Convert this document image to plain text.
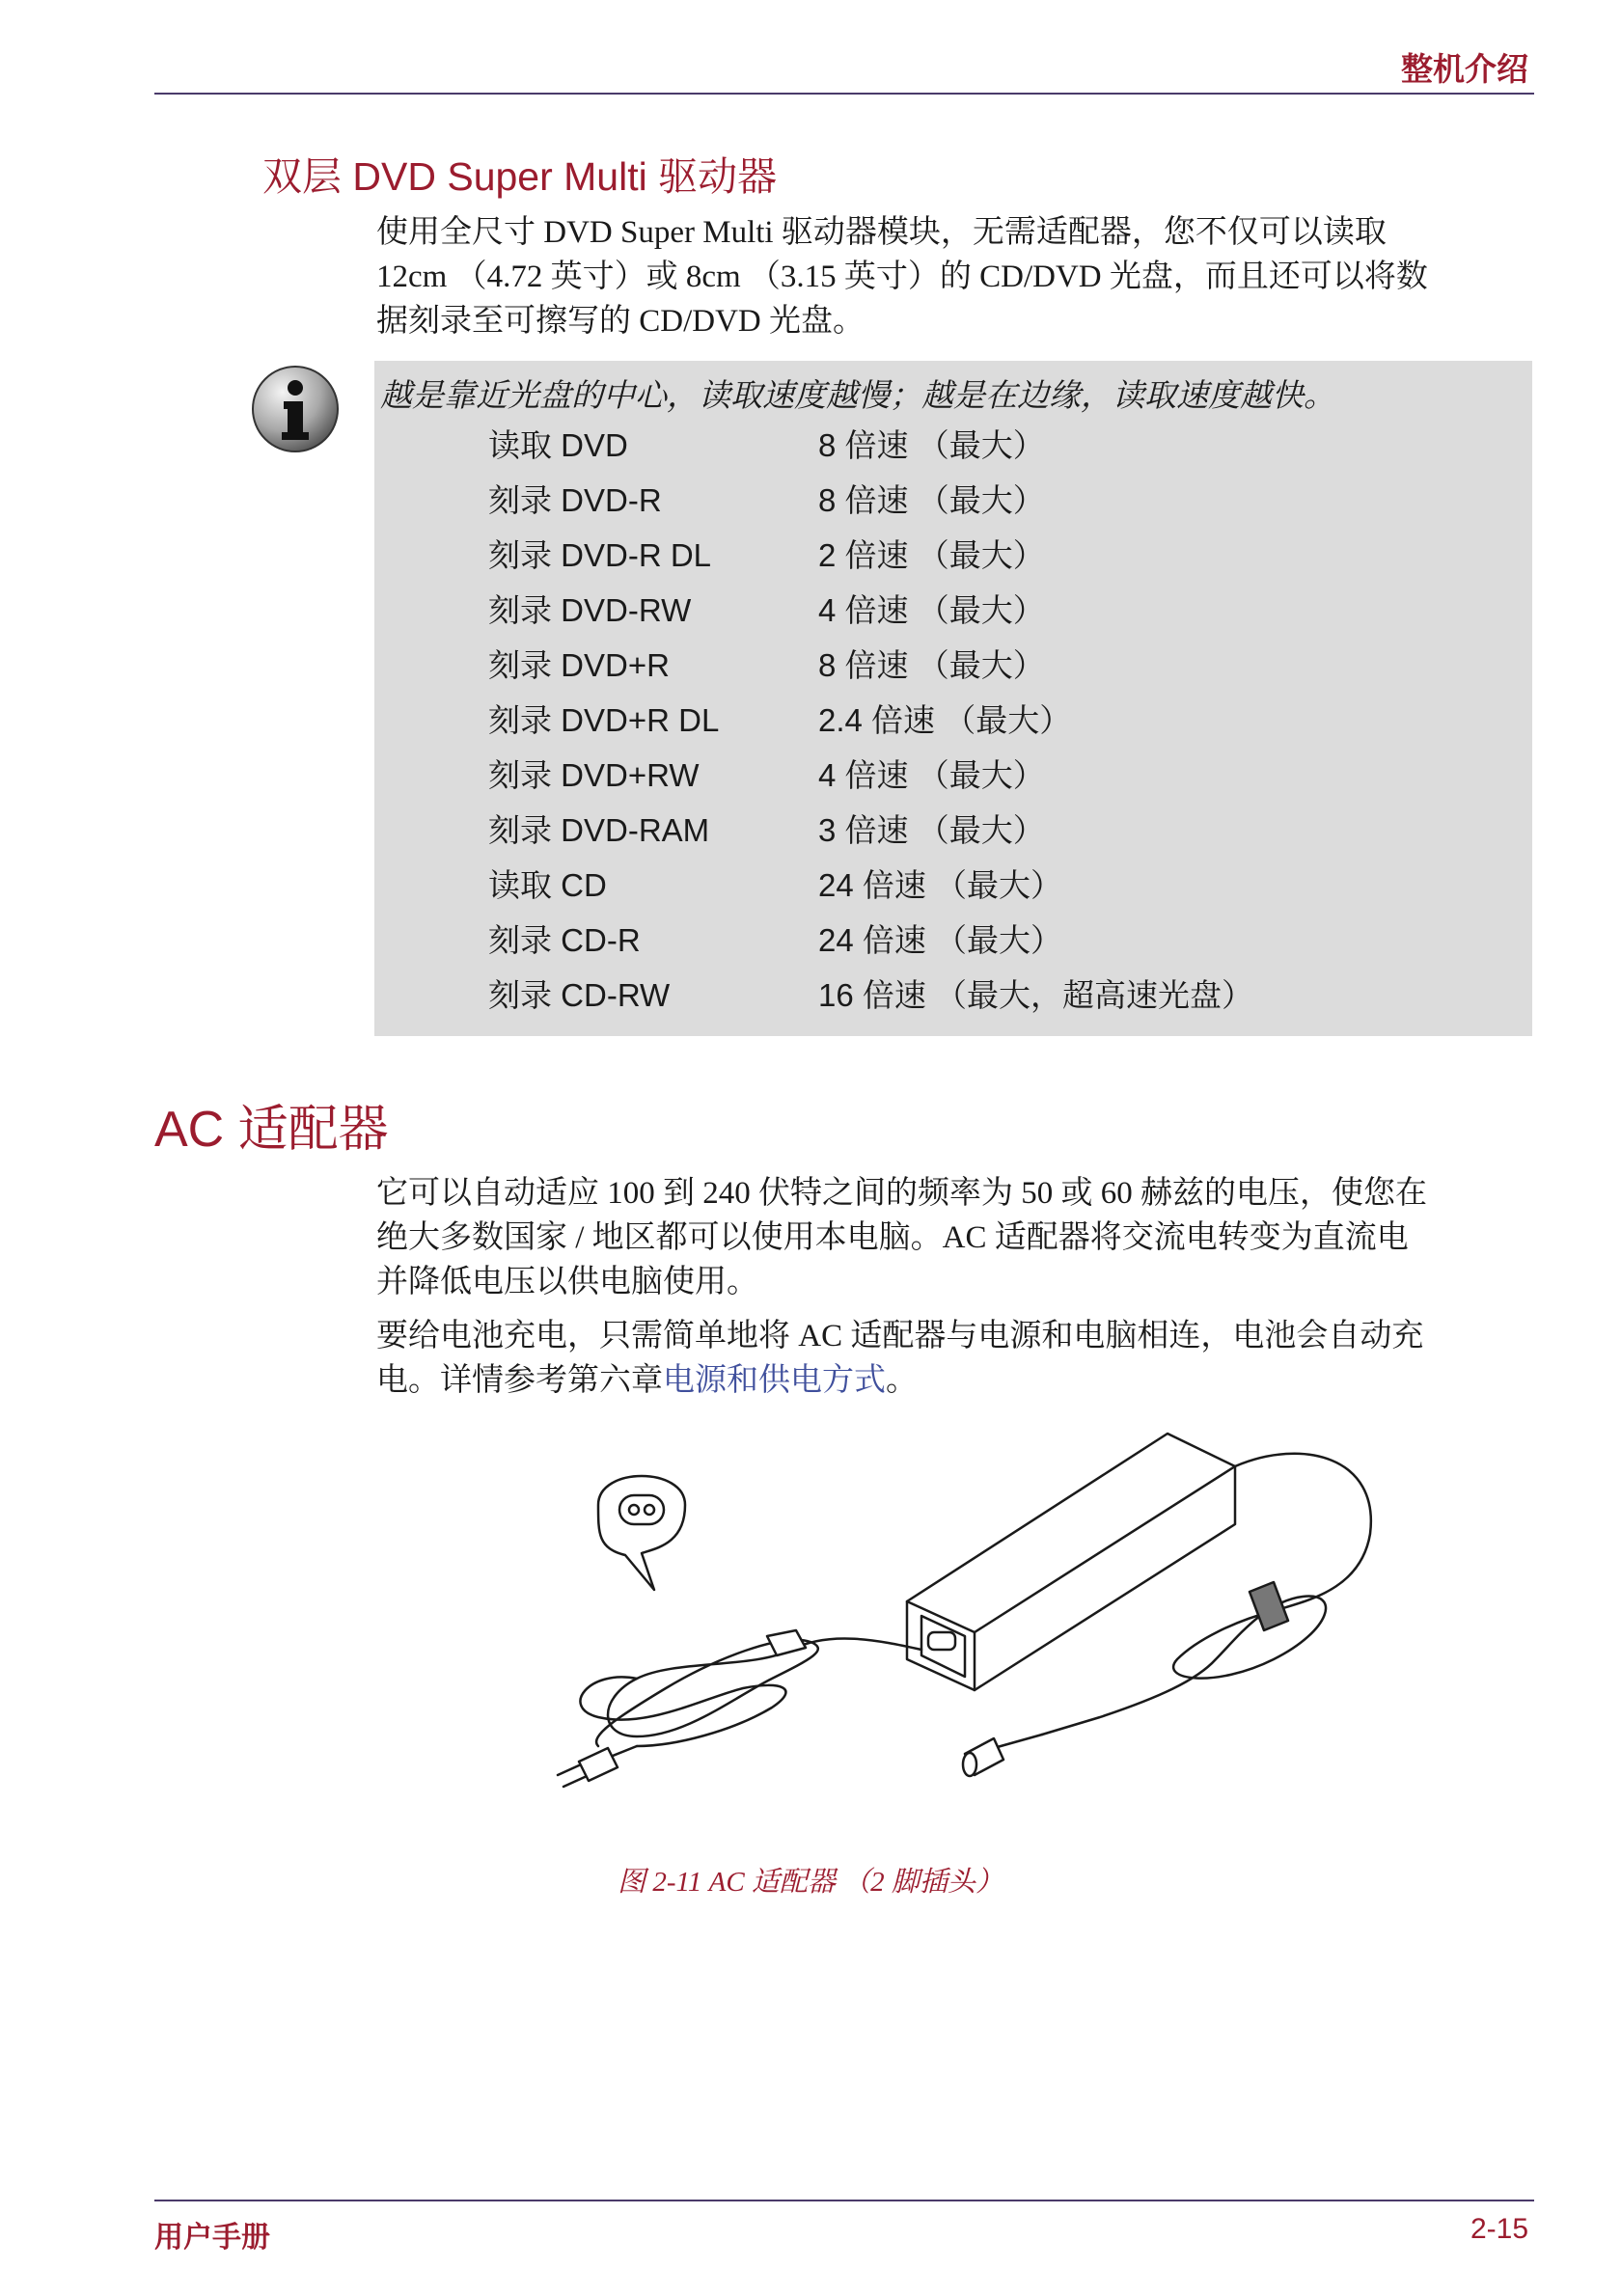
整机介绍
双层 DVD Super Multi 驱动器

使用全尺寸 DVD Super Multi 驱动器模块，无需适配器，您不仅可以读取
12cm （4.72 英寸）或 8cm （3.15 英寸）的 CD/DVD 光盘，而且还可以将数
据刻录至可擦写的 CD/DVD 光盘。

越是靠近光盘的中心，读取速度越慢；越是在边缘，读取速度越快。
读取 DVD	8 倍速 （最大）
刻录 DVD-R	8 倍速 （最大）
刻录 DVD-R DL	2 倍速 （最大）
刻录 DVD-RW	4 倍速 （最大）
刻录 DVD+R	8 倍速 （最大）
刻录 DVD+R DL	2.4 倍速 （最大）
刻录 DVD+RW	4 倍速 （最大）
刻录 DVD-RAM	3 倍速 （最大）
读取 CD	24 倍速 （最大）
刻录 CD-R	24 倍速 （最大）
刻录 CD-RW	16 倍速 （最大，超高速光盘）
AC 适配器

它可以自动适应 100 到 240 伏特之间的频率为 50 或 60 赫兹的电压，使您在
绝大多数国家 / 地区都可以使用本电脑。AC 适配器将交流电转变为直流电
并降低电压以供电脑使用。

要给电池充电，只需简单地将 AC 适配器与电源和电脑相连，电池会自动充
电。详情参考第六章电源和供电方式。

图 2-11 AC 适配器 （2 脚插头）
用户手册	2-15
